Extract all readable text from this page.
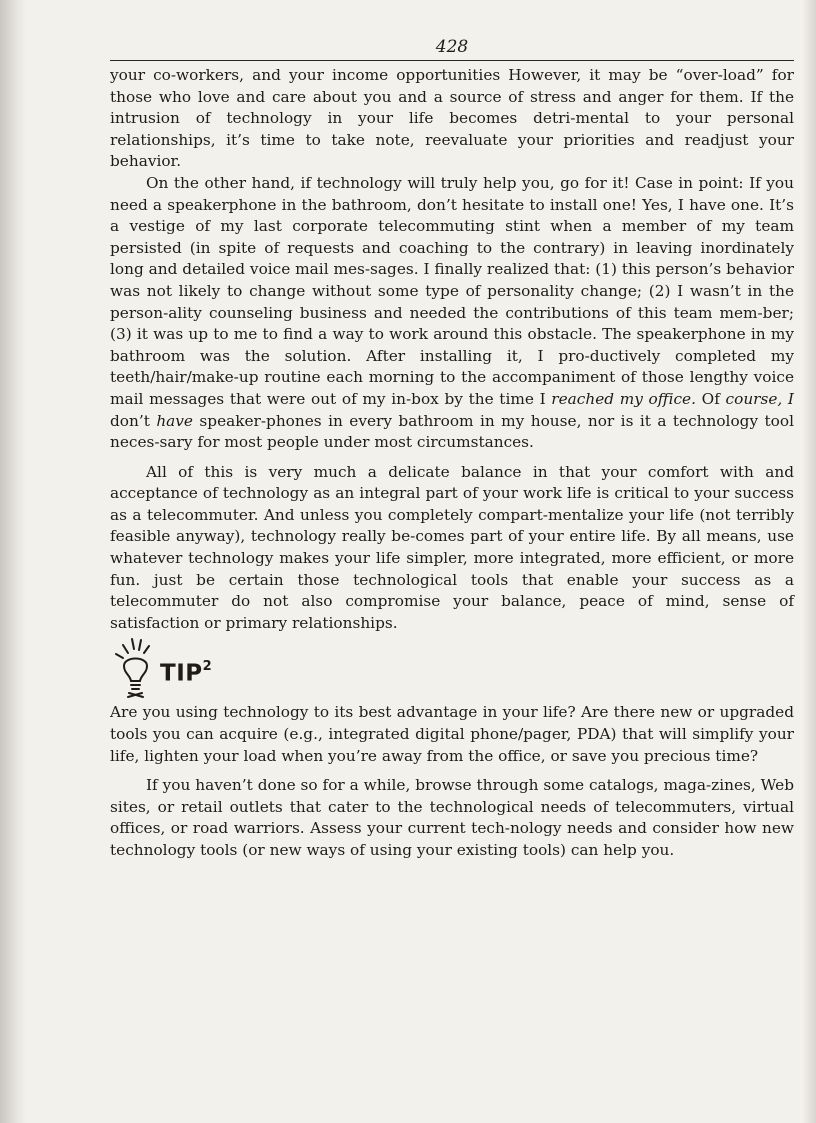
428

your co-workers, and your income opportunities However, it may be “over-load” for those who love and care about you and a source of stress and anger for them. If the intrusion of technology in your life becomes detri-mental to your personal relationships, it’s time to take note, reevaluate your priorities and readjust your behavior.

On the other hand, if technology will truly help you, go for it! Case in point: If you need a speakerphone in the bathroom, don’t hesitate to install one! Yes, I have one. It’s a vestige of my last corporate telecommuting stint when a member of my team persisted (in spite of requests and coaching to the contrary) in leaving inordinately long and detailed voice mail mes-sages. I finally realized that: (1) this person’s behavior was not likely to change without some type of personality change; (2) I wasn’t in the person-ality counseling business and needed the contributions of this team mem-ber; (3) it was up to me to find a way to work around this obstacle. The speakerphone in my bathroom was the solution. After installing it, I pro-ductively completed my teeth/hair/make-up routine each morning to the accompaniment of those lengthy voice mail messages that were out of my in-box by the time I reached my office. Of course, I don’t have speaker-phones in every bathroom in my house, nor is it a technology tool neces-sary for most people under most circumstances.

All of this is very much a delicate balance in that your comfort with and acceptance of technology as an integral part of your work life is critical to your success as a telecommuter. And unless you completely compart-mentalize your life (not terribly feasible anyway), technology really be-comes part of your entire life. By all means, use whatever technology makes your life simpler, more integrated, more efficient, or more fun. just be certain those technological tools that enable your success as a telecommuter do not also compromise your balance, peace of mind, sense of satisfaction or primary relationships.

TIP$^2$

Are you using technology to its best advantage in your life? Are there new or upgraded tools you can acquire (e.g., integrated digital phone/pager, PDA) that will simplify your life, lighten your load when you’re away from the office, or save you precious time?

If you haven’t done so for a while, browse through some catalogs, maga-zines, Web sites, or retail outlets that cater to the technological needs of telecommuters, virtual offices, or road warriors. Assess your current tech-nology needs and consider how new technology tools (or new ways of using your existing tools) can help you.
